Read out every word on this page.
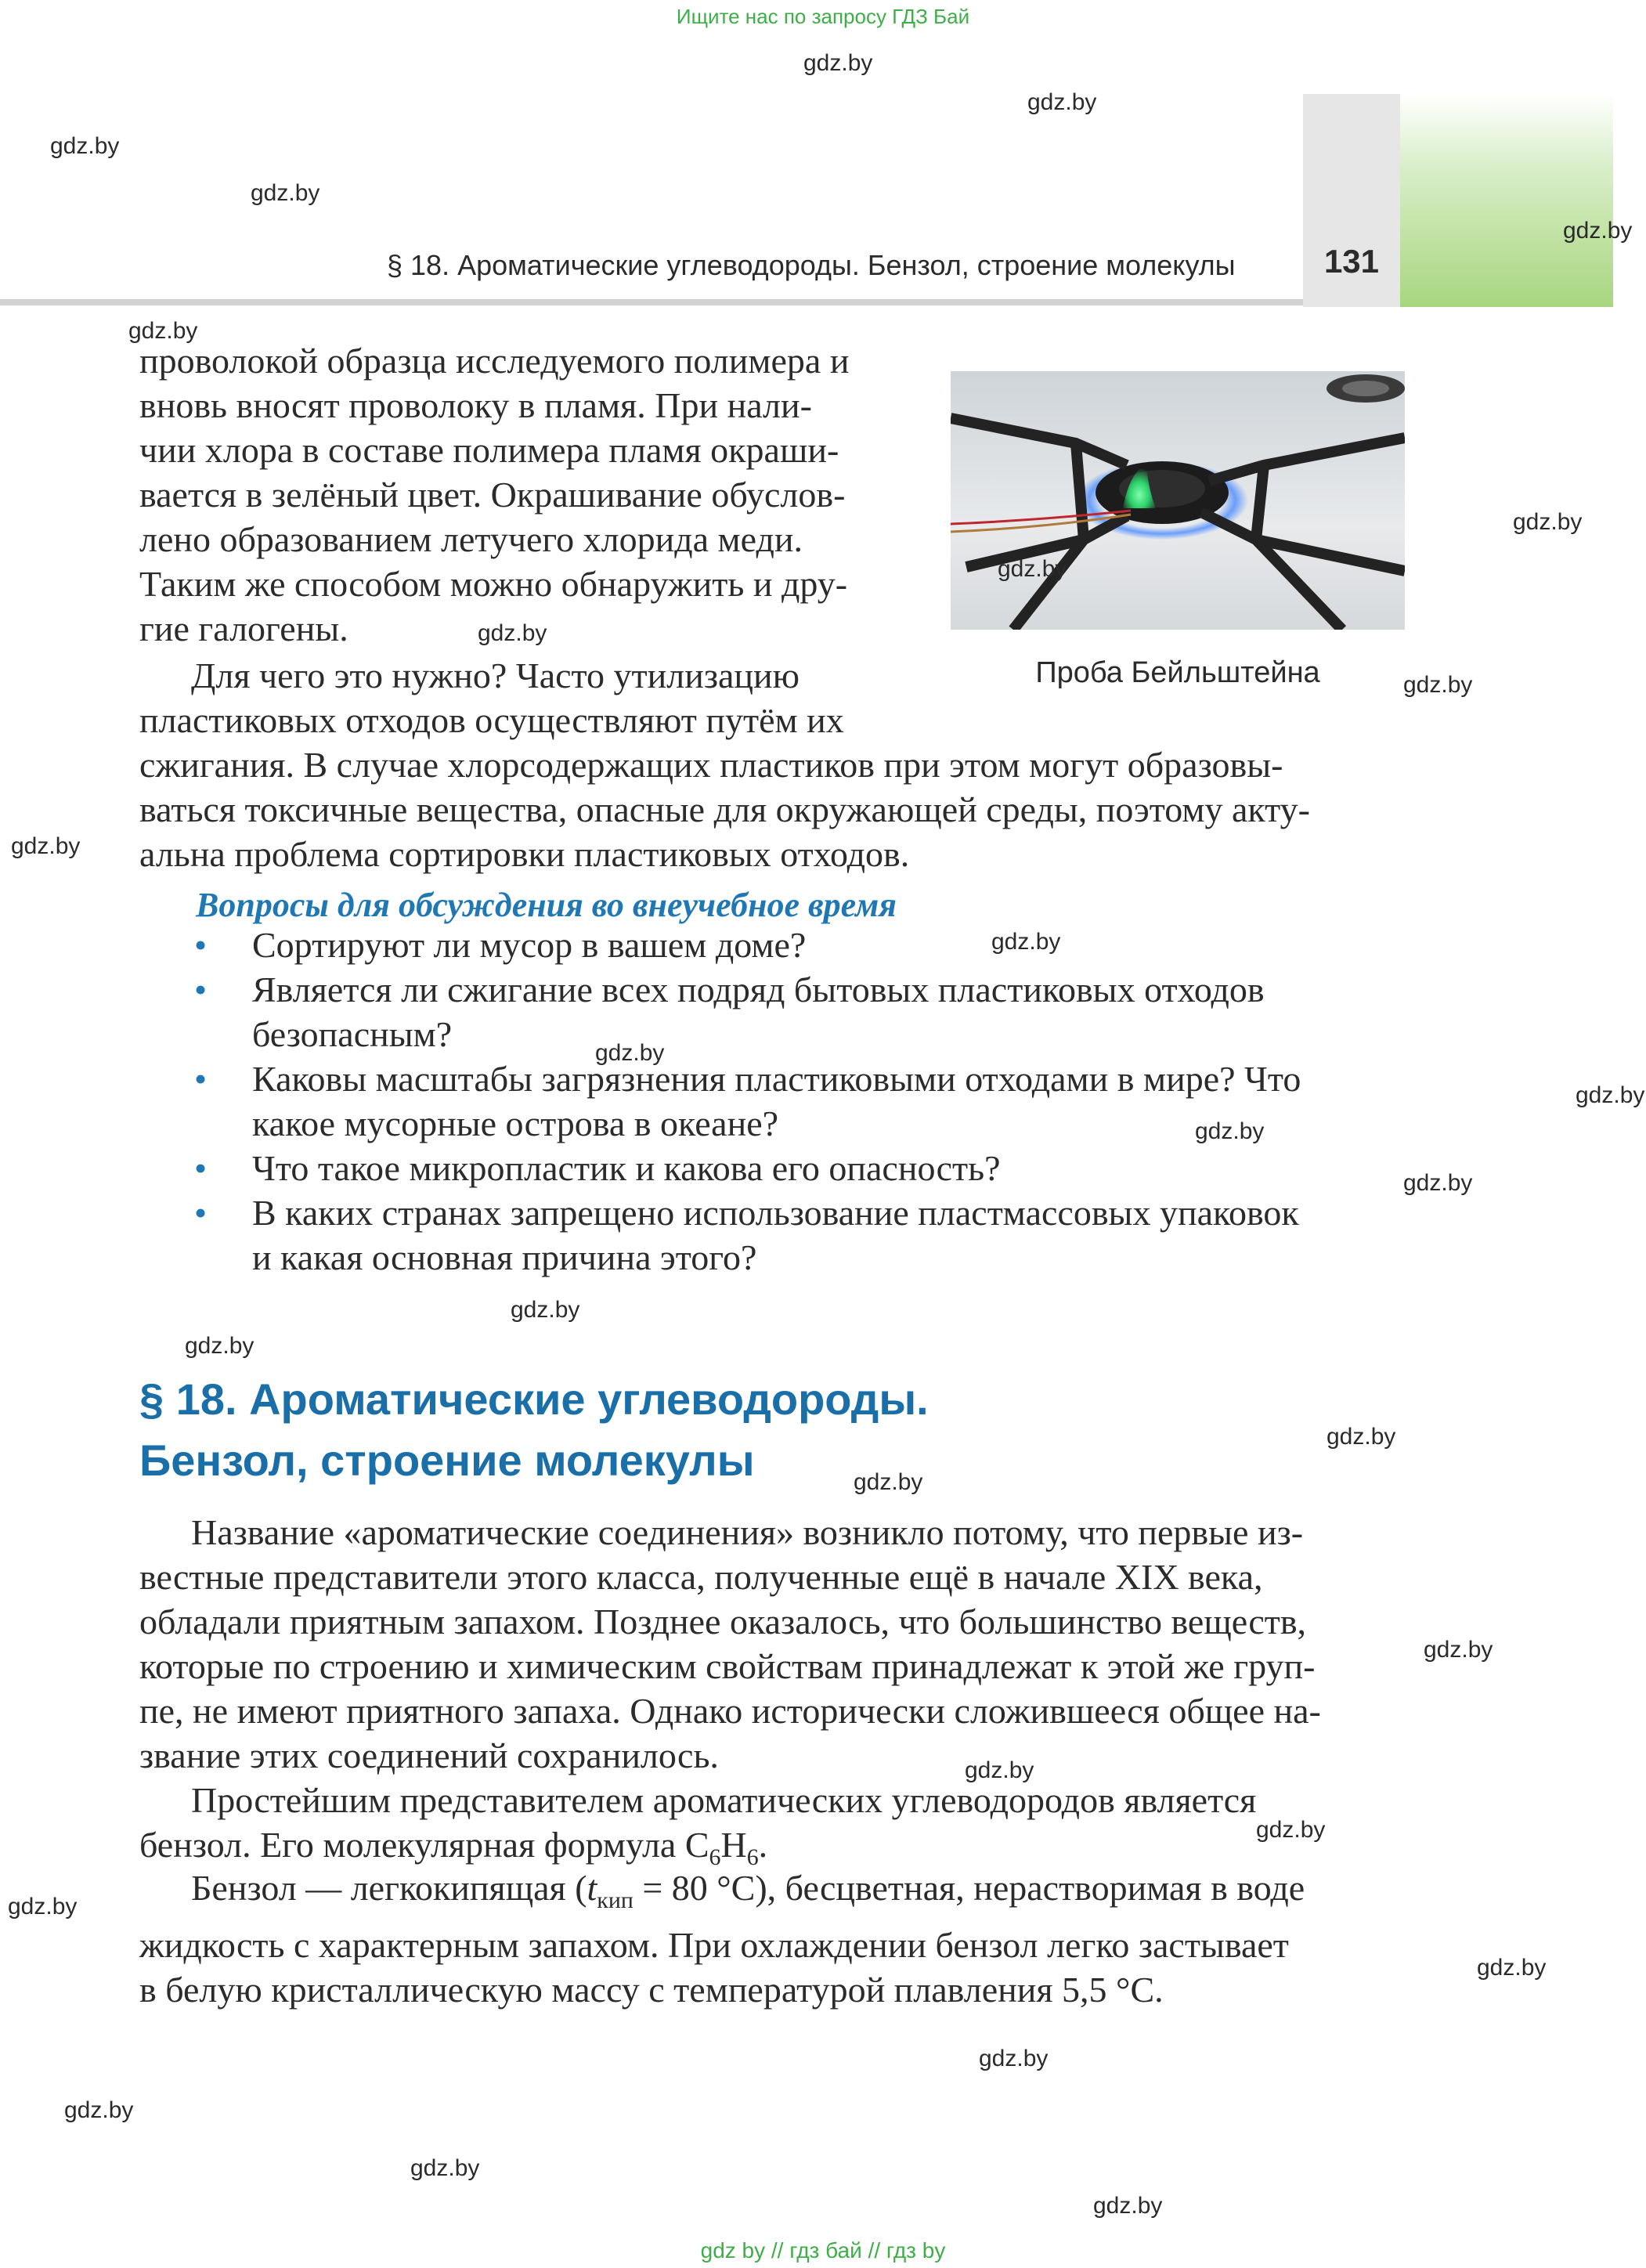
Ищите нас по запросу ГДЗ Бай
§ 18. Ароматические углеводороды. Бензол, строение молекулы	131
проволокой образца исследуемого полимера и
вновь вносят проволоку в пламя. При нали-
чии хлора в составе полимера пламя окраши-
вается в зелёный цвет. Окрашивание обуслов-
лено образованием летучего хлорида меди.
Таким же способом можно обнаружить и дру-
гие галогены.
Проба Бейльштейна
Для чего это нужно? Часто утилизацию
пластиковых отходов осуществляют путём их
сжигания. В случае хлорсодержащих пластиков при этом могут образовы-
ваться токсичные вещества, опасные для окружающей среды, поэтому акту-
альна проблема сортировки пластиковых отходов.
Вопросы для обсуждения во внеучебное время
• Сортируют ли мусор в вашем доме?
• Является ли сжигание всех подряд бытовых пластиковых отходов
безопасным?
• Каковы масштабы загрязнения пластиковыми отходами в мире? Что
какое мусорные острова в океане?
• Что такое микропластик и какова его опасность?
• В каких странах запрещено использование пластмассовых упаковок
и какая основная причина этого?
§ 18. Ароматические углеводороды.
Бензол, строение молекулы
Название «ароматические соединения» возникло потому, что первые из-
вестные представители этого класса, полученные ещё в начале XIX века,
обладали приятным запахом. Позднее оказалось, что большинство веществ,
которые по строению и химическим свойствам принадлежат к этой же груп-
пе, не имеют приятного запаха. Однако исторически сложившееся общее на-
звание этих соединений сохранилось.
Простейшим представителем ароматических углеводородов является
бензол. Его молекулярная формула $C_6H_6$.
Бензол — легкокипящая ($t_{кип} = 80$ °C), бесцветная, нерастворимая в воде
жидкость с характерным запахом. При охлаждении бензол легко застывает
в белую кристаллическую массу с температурой плавления 5,5 °C.
gdz.by
gdz.by
gdz.by
gdz.by
gdz.by
gdz.by
gdz.by
gdz.by
gdz.by
gdz.by
gdz.by
gdz.by
gdz.by
gdz.by
gdz.by
gdz.by
gdz.by
gdz.by
gdz.by
gdz.by
gdz.by
gdz.by
gdz.by
gdz.by
gdz.by
gdz.by
gdz.by
gdz.by
gdz.by
gdz by // гдз бай // гдз by
